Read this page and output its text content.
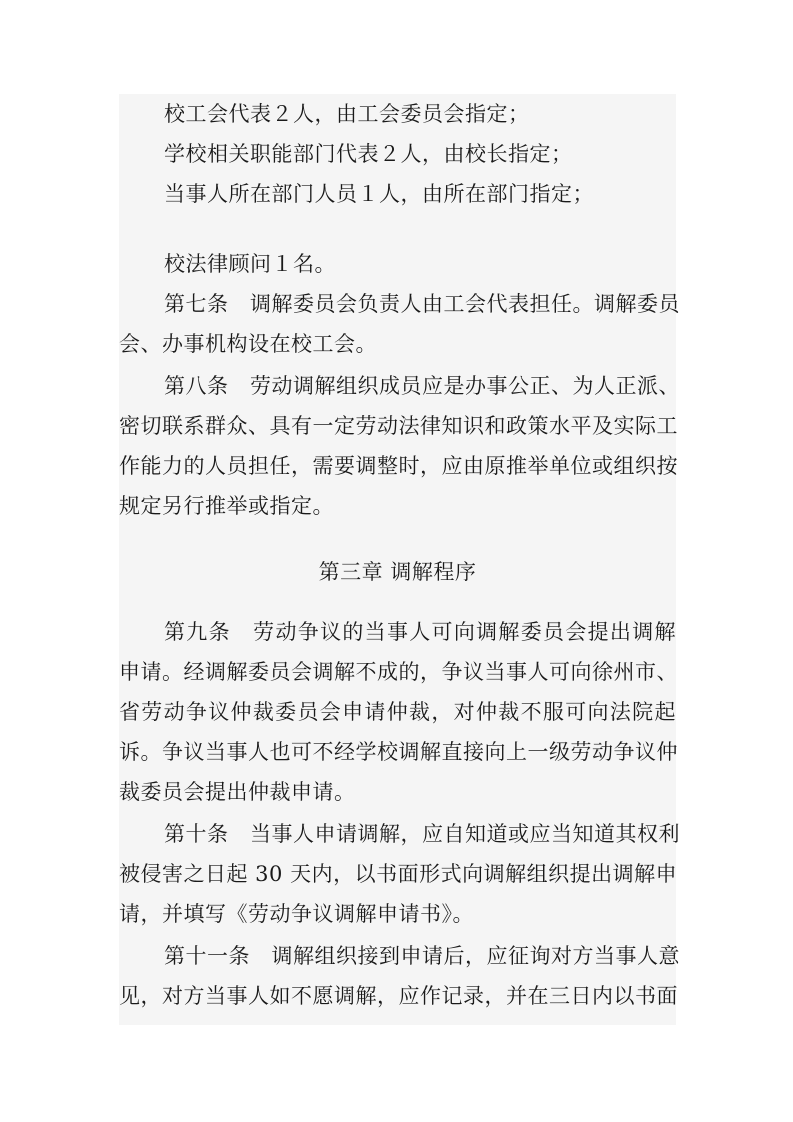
校工会代表２人，由工会委员会指定；
学校相关职能部门代表２人，由校长指定；
当事人所在部门人员１人，由所在部门指定；
校法律顾问１名。
第七条　调解委员会负责人由工会代表担任。调解委员
会、办事机构设在校工会。
第八条　劳动调解组织成员应是办事公正、为人正派、
密切联系群众、具有一定劳动法律知识和政策水平及实际工
作能力的人员担任，需要调整时，应由原推举单位或组织按
规定另行推举或指定。
第三章 调解程序
第九条　劳动争议的当事人可向调解委员会提出调解
申请。经调解委员会调解不成的，争议当事人可向徐州市、
省劳动争议仲裁委员会申请仲裁，对仲裁不服可向法院起
诉。争议当事人也可不经学校调解直接向上一级劳动争议仲
裁委员会提出仲裁申请。
第十条　当事人申请调解，应自知道或应当知道其权利
被侵害之日起 30 天内，以书面形式向调解组织提出调解申
请，并填写《劳动争议调解申请书》。
第十一条　调解组织接到申请后，应征询对方当事人意
见，对方当事人如不愿调解，应作记录，并在三日内以书面
